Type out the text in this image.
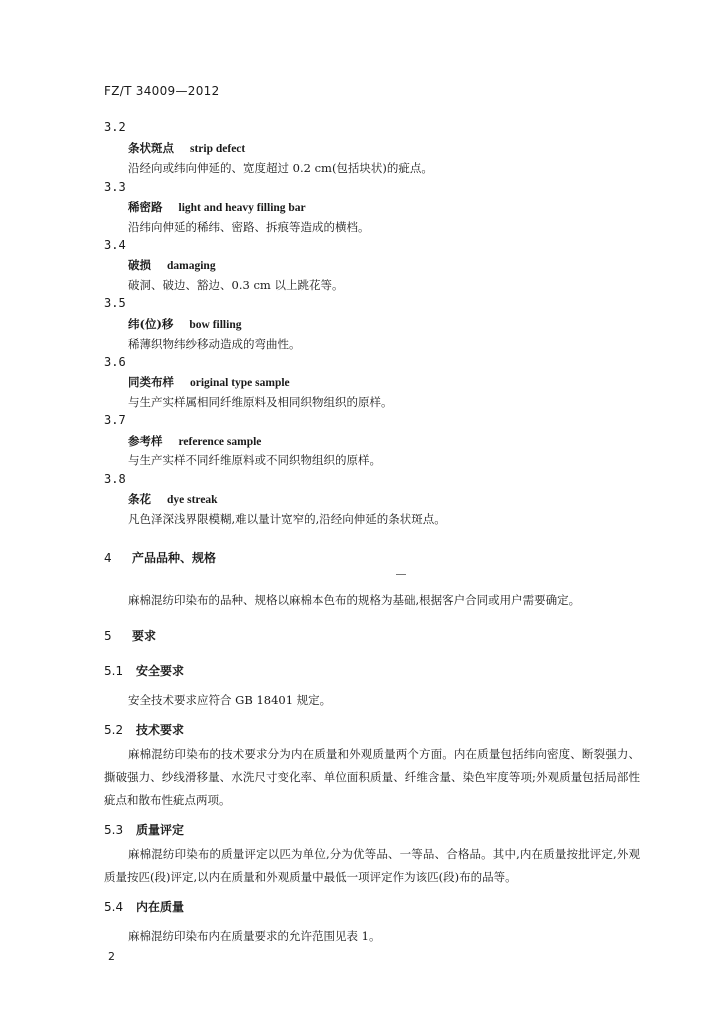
FZ/T 34009—2012
3.2
条状斑点 strip defect
沿经向或纬向伸延的、宽度超过 0.2 cm(包括块状)的疵点。
3.3
稀密路 light and heavy filling bar
沿纬向伸延的稀纬、密路、拆痕等造成的横档。
3.4
破损 damaging
破洞、破边、豁边、0.3 cm 以上跳花等。
3.5
纬(位)移 bow filling
稀薄织物纬纱移动造成的弯曲性。
3.6
同类布样 original type sample
与生产实样属相同纤维原料及相同织物组织的原样。
3.7
参考样 reference sample
与生产实样不同纤维原料或不同织物组织的原样。
3.8
条花 dye streak
凡色泽深浅界限模糊,难以量计宽窄的,沿经向伸延的条状斑点。
4 产品品种、规格
麻棉混纺印染布的品种、规格以麻棉本色布的规格为基础,根据客户合同或用户需要确定。
5 要求
5.1 安全要求
安全技术要求应符合 GB 18401 规定。
5.2 技术要求
麻棉混纺印染布的技术要求分为内在质量和外观质量两个方面。内在质量包括纬向密度、断裂强力、撕破强力、纱线滑移量、水洗尺寸变化率、单位面积质量、纤维含量、染色牢度等项;外观质量包括局部性疵点和散布性疵点两项。
5.3 质量评定
麻棉混纺印染布的质量评定以匹为单位,分为优等品、一等品、合格品。其中,内在质量按批评定,外观质量按匹(段)评定,以内在质量和外观质量中最低一项评定作为该匹(段)布的品等。
5.4 内在质量
麻棉混纺印染布内在质量要求的允许范围见表 1。
2
